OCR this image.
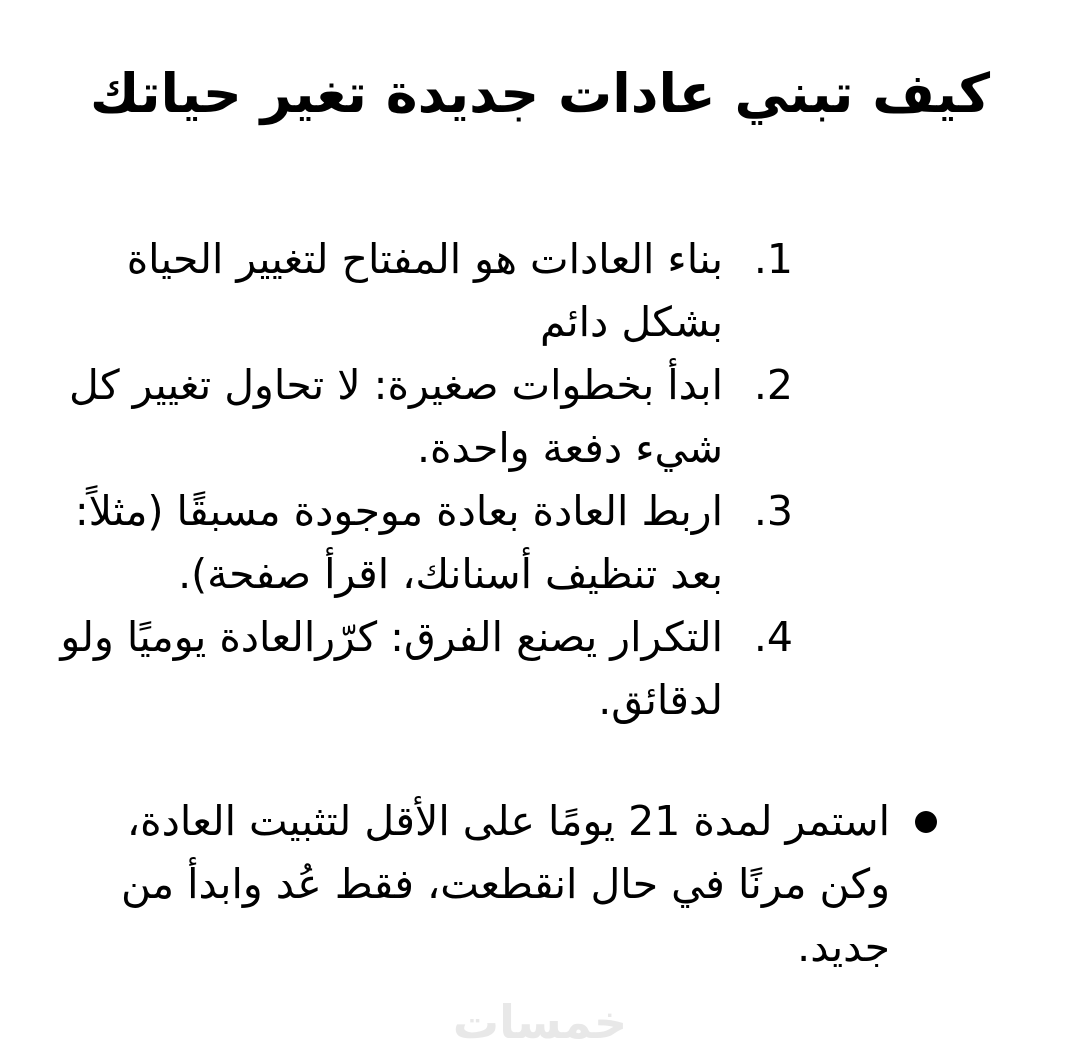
كيف تبني عادات جديدة تغير حياتك
1.
بناء العادات هو المفتاح لتغيير الحياة بشكل دائم
2.
ابدأ بخطوات صغيرة: لا تحاول تغيير كل شيء دفعة واحدة.
3.
اربط العادة بعادة موجودة مسبقًا (مثلاً: بعد تنظيف أسنانك، اقرأ صفحة).
4.
التكرار يصنع الفرق: كرّرالعادة يوميًا ولو لدقائق.
استمر لمدة 21 يومًا على الأقل لتثبيت العادة، وكن مرنًا في حال انقطعت، فقط عُد وابدأ من جديد.
خمسات
